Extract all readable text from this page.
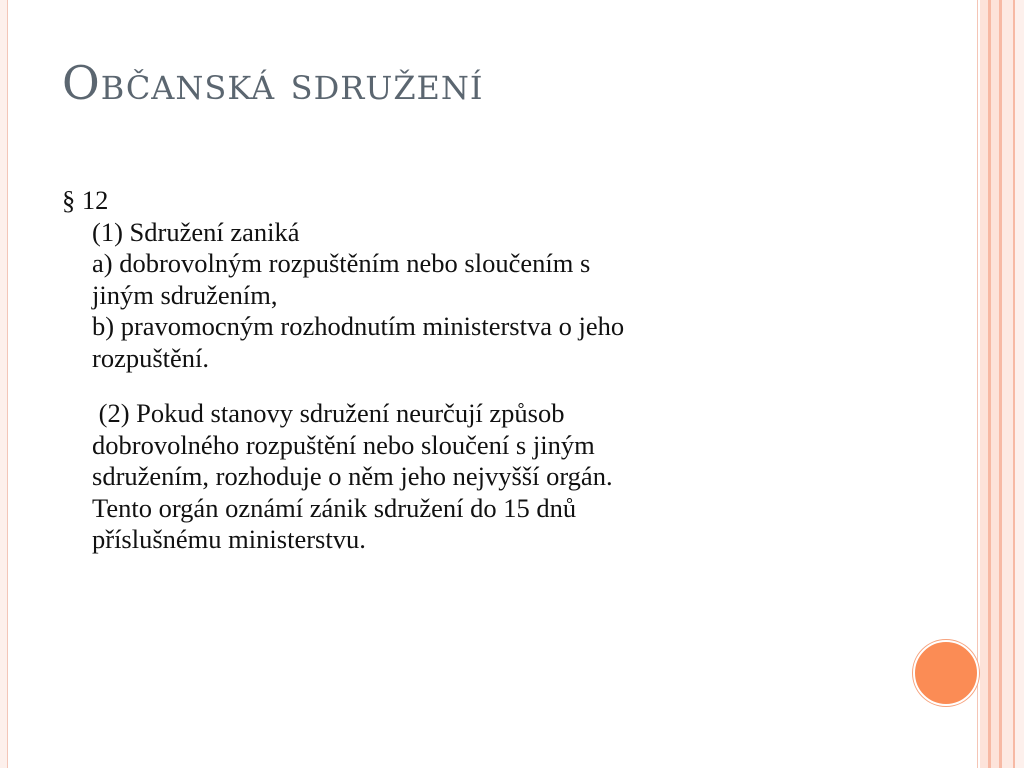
Občanská sdružení
§ 12
(1) Sdružení zaniká
a) dobrovolným rozpuštěním nebo sloučením s
jiným sdružením,
b) pravomocným rozhodnutím ministerstva o jeho
rozpuštění.
(2) Pokud stanovy sdružení neurčují způsob
dobrovolného rozpuštění nebo sloučení s jiným
sdružením, rozhoduje o něm jeho nejvyšší orgán.
Tento orgán oznámí zánik sdružení do 15 dnů
příslušnému ministerstvu.
